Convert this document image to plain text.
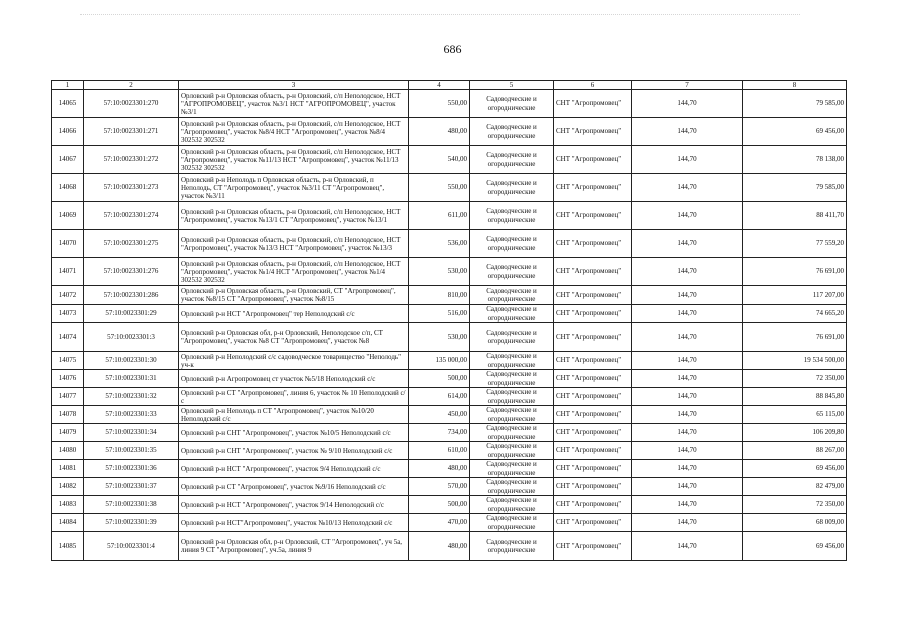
686
1	2	3	4	5	6	7	8
14065	57:10:0023301:270	Орловский р-н Орловская область, р-н Орловский, с/п Неполодское, НСТ "АГРОПРОМОВЕЦ", участок №3/1 НСТ "АГРОПРОМОВЕЦ", участок №3/1	550,00	Садоводческие и огороднические	СНТ "Агропромовец"	144,70	79 585,00
14066	57:10:0023301:271	Орловский р-н Орловская область, р-н Орловский, с/п Неполодское, НСТ "Агропромовец", участок №8/4 НСТ "Агропромовец", участок №8/4 302532 302532	480,00	Садоводческие и огороднические	СНТ "Агропромовец"	144,70	69 456,00
14067	57:10:0023301:272	Орловский р-н Орловская область, р-н Орловский, с/п Неполодское, НСТ "Агропромовец", участок №11/13 НСТ "Агропромовец", участок №11/13 302532 302532	540,00	Садоводческие и огороднические	СНТ "Агропромовец"	144,70	78 138,00
14068	57:10:0023301:273	Орловский р-н Неполодь п Орловская область, р-н Орловский, п Неполодь, СТ "Агропромовец", участок №3/11 СТ "Агропромовец", участок №3/11	550,00	Садоводческие и огороднические	СНТ "Агропромовец"	144,70	79 585,00
14069	57:10:0023301:274	Орловский р-н Орловская область, р-н Орловский, с/п Неполодское, НСТ "Агропромовец", участок №13/1 СТ "Агропромовец", участок №13/1	611,00	Садоводческие и огороднические	СНТ "Агропромовец"	144,70	88 411,70
14070	57:10:0023301:275	Орловский р-н Орловская область, р-н Орловский, с/п Неполодское, НСТ "Агропромовец", участок №13/3 НСТ "Агропромовец", участок №13/3	536,00	Садоводческие и огороднические	СНТ "Агропромовец"	144,70	77 559,20
14071	57:10:0023301:276	Орловский р-н Орловская область, р-н Орловский, с/п Неполодское, НСТ "Агропромовец", участок №1/4 НСТ "Агропромовец", участок №1/4 302532 302532	530,00	Садоводческие и огороднические	СНТ "Агропромовец"	144,70	76 691,00
14072	57:10:0023301:286	Орловский р-н Орловская область, р-н Орловский, СТ "Агропромовец", участок №8/15 СТ "Агропромовец", участок №8/15	810,00	Садоводческие и огороднические	СНТ "Агропромовец"	144,70	117 207,00
14073	57:10:0023301:29	Орловский р-н НСТ "Агропромовец" тер Неполодский с/с	516,00	Садоводческие и огороднические	СНТ "Агропромовец"	144,70	74 665,20
14074	57:10:0023301:3	Орловский р-н Орловская обл, р-н Орловский, Неполодское с/п, СТ "Агропромовец", участок №8 СТ "Агропромовец", участок №8	530,00	Садоводческие и огороднические	СНТ "Агропромовец"	144,70	76 691,00
14075	57:10:0023301:30	Орловский р-н Неполодский с/с садоводческое товарищество "Неполодь" уч-к	135 000,00	Садоводческие и огороднические	СНТ "Агропромовец"	144,70	19 534 500,00
14076	57:10:0023301:31	Орловский р-н Агропромовец ст участок №5/18 Неполодский с/с	500,00	Садоводческие и огороднические	СНТ "Агропромовец"	144,70	72 350,00
14077	57:10:0023301:32	Орловский р-н СТ "Агропромовец", линия 6, участок № 10 Неполодский с/с	614,00	Садоводческие и огороднические	СНТ "Агропромовец"	144,70	88 845,80
14078	57:10:0023301:33	Орловский р-н Неполодь п СТ "Агропромовец", участок №10/20 Неполодский с/с	450,00	Садоводческие и огороднические	СНТ "Агропромовец"	144,70	65 115,00
14079	57:10:0023301:34	Орловский р-н СНТ "Агропромовец", участок №10/5 Неполодский с/с	734,00	Садоводческие и огороднические	СНТ "Агропромовец"	144,70	106 209,80
14080	57:10:0023301:35	Орловский р-н СНТ "Агропромовец", участок № 9/10 Неполодский с/с	610,00	Садоводческие и огороднические	СНТ "Агропромовец"	144,70	88 267,00
14081	57:10:0023301:36	Орловский р-н НСТ "Агропромовец", участок 9/4 Неполодский с/с	480,00	Садоводческие и огороднические	СНТ "Агропромовец"	144,70	69 456,00
14082	57:10:0023301:37	Орловский р-н СТ "Агропромовец", участок №9/16 Неполодский с/с	570,00	Садоводческие и огороднические	СНТ "Агропромовец"	144,70	82 479,00
14083	57:10:0023301:38	Орловский р-н НСТ "Агропромовец", участок 9/14 Неполодский с/с	500,00	Садоводческие и огороднические	СНТ "Агропромовец"	144,70	72 350,00
14084	57:10:0023301:39	Орловский р-н НСТ"Агропромовец", участок №10/13 Неполодский с/с	470,00	Садоводческие и огороднические	СНТ "Агропромовец"	144,70	68 009,00
14085	57:10:0023301:4	Орловский р-н Орловская обл, р-н Орловский, СТ "Агропромовец", уч 5а, линия 9 СТ "Агропромовец", уч.5а, линия 9	480,00	Садоводческие и огороднические	СНТ "Агропромовец"	144,70	69 456,00
